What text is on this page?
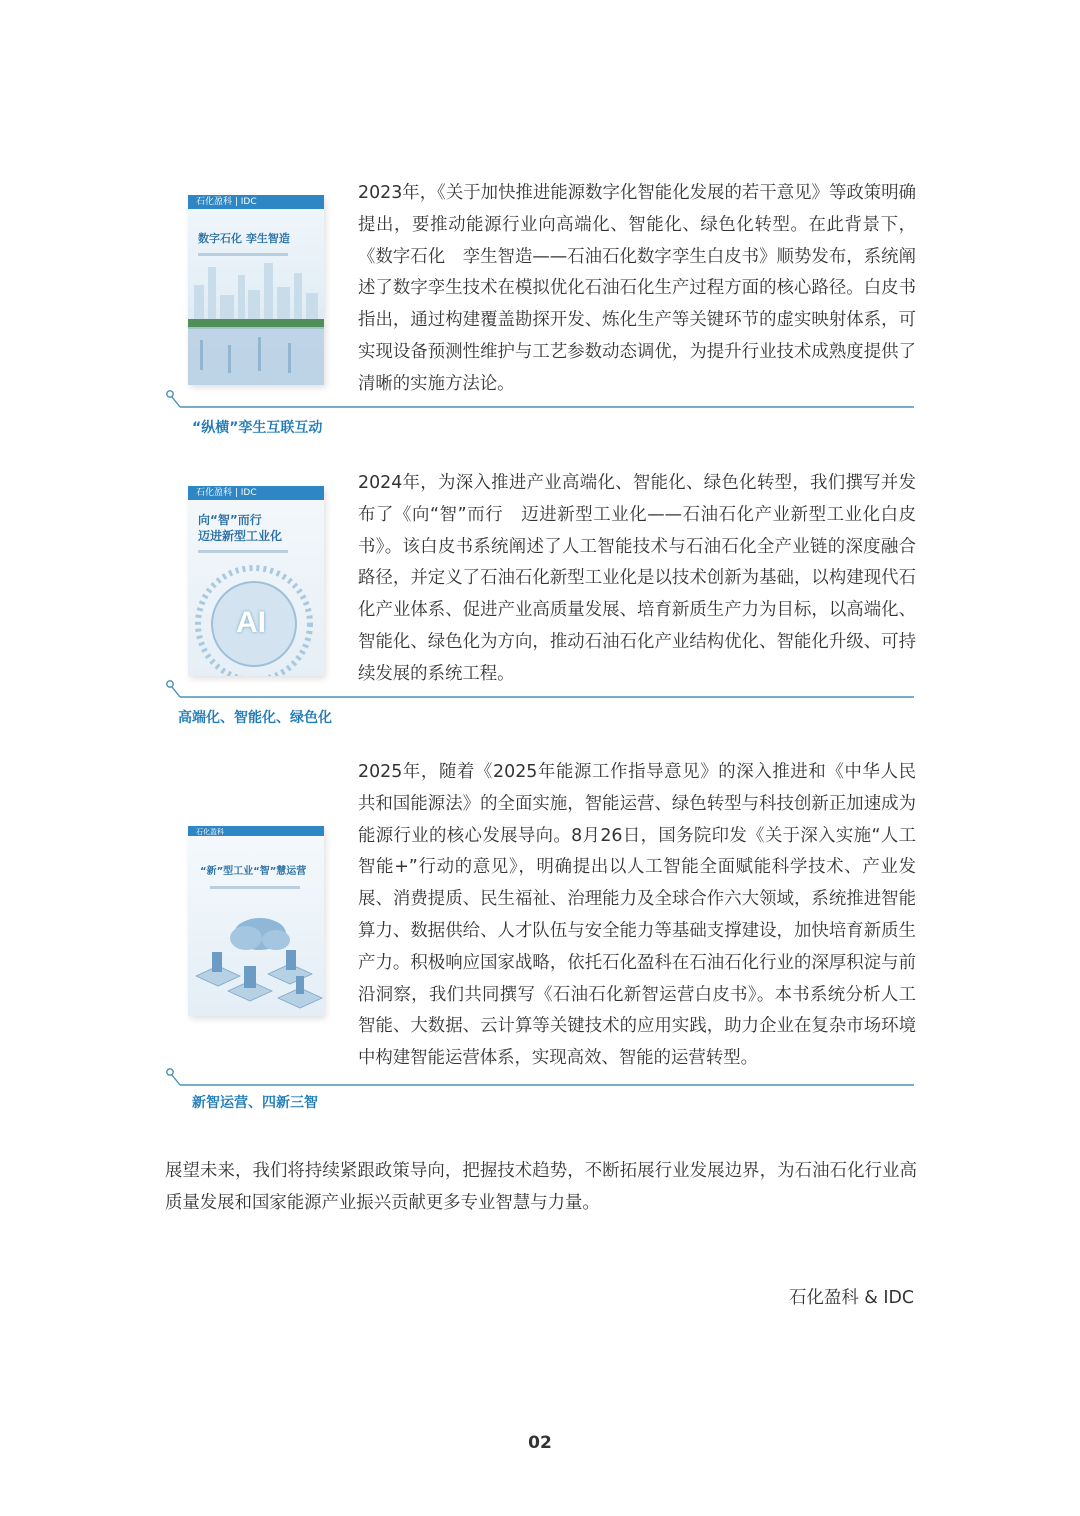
石化盈科 | IDC
数字石化 孪生智造
2023年，《关于加快推进能源数字化智能化发展的若干意见》等政策明确提出，要推动能源行业向高端化、智能化、绿色化转型。在此背景下，《数字石化　孪生智造——石油石化数字孪生白皮书》顺势发布，系统阐述了数字孪生技术在模拟优化石油石化生产过程方面的核心路径。白皮书指出，通过构建覆盖勘探开发、炼化生产等关键环节的虚实映射体系，可实现设备预测性维护与工艺参数动态调优，为提升行业技术成熟度提供了清晰的实施方法论。
“纵横”孪生互联互动
石化盈科 | IDC
向“智”而行
迈进新型工业化
AI
2024年，为深入推进产业高端化、智能化、绿色化转型，我们撰写并发布了《向“智”而行　迈进新型工业化——石油石化产业新型工业化白皮书》。该白皮书系统阐述了人工智能技术与石油石化全产业链的深度融合路径，并定义了石油石化新型工业化是以技术创新为基础，以构建现代石化产业体系、促进产业高质量发展、培育新质生产力为目标，以高端化、智能化、绿色化为方向，推动石油石化产业结构优化、智能化升级、可持续发展的系统工程。
高端化、智能化、绿色化
石化盈科
“新”型工业“智”慧运营
2025年，随着《2025年能源工作指导意见》的深入推进和《中华人民共和国能源法》的全面实施，智能运营、绿色转型与科技创新正加速成为能源行业的核心发展导向。8月26日，国务院印发《关于深入实施“人工智能+”行动的意见》，明确提出以人工智能全面赋能科学技术、产业发展、消费提质、民生福祉、治理能力及全球合作六大领域，系统推进智能算力、数据供给、人才队伍与安全能力等基础支撑建设，加快培育新质生产力。积极响应国家战略，依托石化盈科在石油石化行业的深厚积淀与前沿洞察，我们共同撰写《石油石化新智运营白皮书》。本书系统分析人工智能、大数据、云计算等关键技术的应用实践，助力企业在复杂市场环境中构建智能运营体系，实现高效、智能的运营转型。
新智运营、四新三智
展望未来，我们将持续紧跟政策导向，把握技术趋势，不断拓展行业发展边界，为石油石化行业高质量发展和国家能源产业振兴贡献更多专业智慧与力量。
石化盈科 & IDC
02
